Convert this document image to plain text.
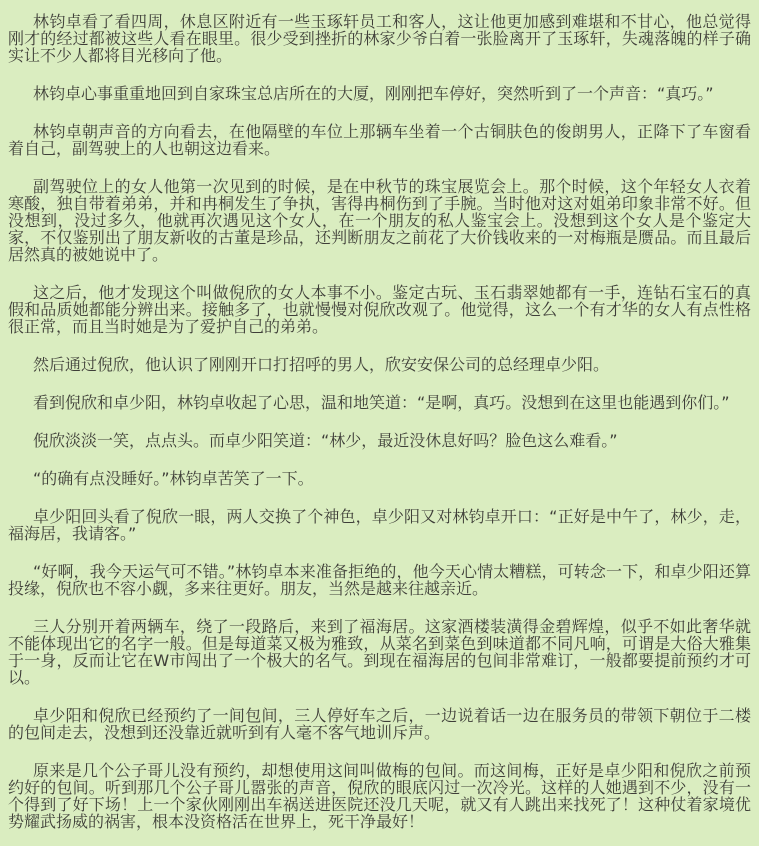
林钧卓看了看四周，休息区附近有一些玉琢轩员工和客人，这让他更加感到难堪和不甘心，他总觉得刚才的经过都被这些人看在眼里。很少受到挫折的林家少爷白着一张脸离开了玉琢轩，失魂落魄的样子确实让不少人都将目光移向了他。

林钧卓心事重重地回到自家珠宝总店所在的大厦，刚刚把车停好，突然听到了一个声音：“真巧。”

林钧卓朝声音的方向看去，在他隔壁的车位上那辆车坐着一个古铜肤色的俊朗男人，正降下了车窗看着自己，副驾驶上的人也朝这边看来。

副驾驶位上的女人他第一次见到的时候，是在中秋节的珠宝展览会上。那个时候，这个年轻女人衣着寒酸，独自带着弟弟，并和冉桐发生了争执，害得冉桐伤到了手腕。当时他对这对姐弟印象非常不好。但没想到，没过多久，他就再次遇见这个女人，在一个朋友的私人鉴宝会上。没想到这个女人是个鉴定大家，不仅鉴别出了朋友新收的古董是珍品，还判断朋友之前花了大价钱收来的一对梅瓶是赝品。而且最后居然真的被她说中了。

这之后，他才发现这个叫做倪欣的女人本事不小。鉴定古玩、玉石翡翠她都有一手，连钻石宝石的真假和品质她都能分辨出来。接触多了，也就慢慢对倪欣改观了。他觉得，这么一个有才华的女人有点性格很正常，而且当时她是为了爱护自己的弟弟。

然后通过倪欣，他认识了刚刚开口打招呼的男人，欣安安保公司的总经理卓少阳。

看到倪欣和卓少阳，林钧卓收起了心思，温和地笑道：“是啊，真巧。没想到在这里也能遇到你们。”

倪欣淡淡一笑，点点头。而卓少阳笑道：“林少，最近没休息好吗？脸色这么难看。”

“的确有点没睡好。”林钧卓苦笑了一下。

卓少阳回头看了倪欣一眼，两人交换了个神色，卓少阳又对林钧卓开口：“正好是中午了，林少，走，福海居，我请客。”

“好啊，我今天运气可不错。”林钧卓本来准备拒绝的，他今天心情太糟糕，可转念一下，和卓少阳还算投缘，倪欣也不容小觑，多来往更好。朋友，当然是越来往越亲近。

三人分别开着两辆车，绕了一段路后，来到了福海居。这家酒楼装潢得金碧辉煌，似乎不如此奢华就不能体现出它的名字一般。但是每道菜又极为雅致，从菜名到菜色到味道都不同凡响，可谓是大俗大雅集于一身，反而让它在W市闯出了一个极大的名气。到现在福海居的包间非常难订，一般都要提前预约才可以。

卓少阳和倪欣已经预约了一间包间，三人停好车之后，一边说着话一边在服务员的带领下朝位于二楼的包间走去，没想到还没靠近就听到有人毫不客气地训斥声。

原来是几个公子哥儿没有预约，却想使用这间叫做梅的包间。而这间梅，正好是卓少阳和倪欣之前预约好的包间。听到那几个公子哥儿嚣张的声音，倪欣的眼底闪过一次冷光。这样的人她遇到不少，没有一个得到了好下场！上一个家伙刚刚出车祸送进医院还没几天呢，就又有人跳出来找死了！这种仗着家境优势耀武扬威的祸害，根本没资格活在世界上，死干净最好！
